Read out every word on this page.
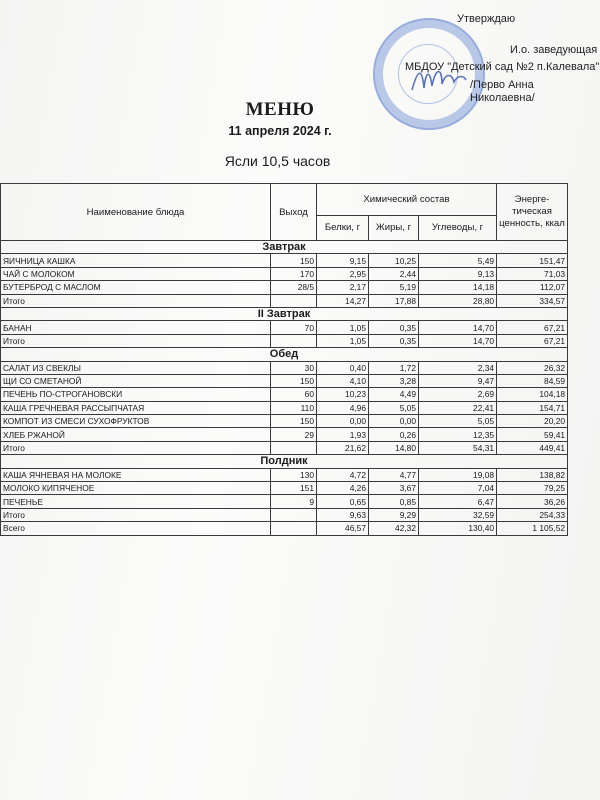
Утверждаю
И.о. заведующая
МБДОУ "Детский сад №2 п.Калевала"
/Перво Анна Николаевна/
МЕНЮ
11 апреля 2024 г.
Ясли 10,5 часов
Наименование блюда	Выход	Химический состав			Энерге-тическая ценность, ккал
		Белки, г	Жиры, г	Углеводы, г	
Завтрак					
ЯИЧНИЦА КАШКА	150	9,15	10,25	5,49	151,47
ЧАЙ С МОЛОКОМ	170	2,95	2,44	9,13	71,03
БУТЕРБРОД С МАСЛОМ	28/5	2,17	5,19	14,18	112,07
Итого		14,27	17,88	28,80	334,57
II Завтрак					
БАНАН	70	1,05	0,35	14,70	67,21
Итого		1,05	0,35	14,70	67,21
Обед					
САЛАТ ИЗ СВЕКЛЫ	30	0,40	1,72	2,34	26,32
ЩИ СО СМЕТАНОЙ	150	4,10	3,28	9,47	84,59
ПЕЧЕНЬ ПО-СТРОГАНОВСКИ	60	10,23	4,49	2,69	104,18
КАША ГРЕЧНЕВАЯ РАССЫПЧАТАЯ	110	4,96	5,05	22,41	154,71
КОМПОТ ИЗ СМЕСИ СУХОФРУКТОВ	150	0,00	0,00	5,05	20,20
ХЛЕБ РЖАНОЙ	29	1,93	0,26	12,35	59,41
Итого		21,62	14,80	54,31	449,41
Полдник					
КАША ЯЧНЕВАЯ НА МОЛОКЕ	130	4,72	4,77	19,08	138,82
МОЛОКО КИПЯЧЕНОЕ	151	4,26	3,67	7,04	79,25
ПЕЧЕНЬЕ	9	0,65	0,85	6,47	36,26
Итого		9,63	9,29	32,59	254,33
Всего		46,57	42,32	130,40	1 105,52
